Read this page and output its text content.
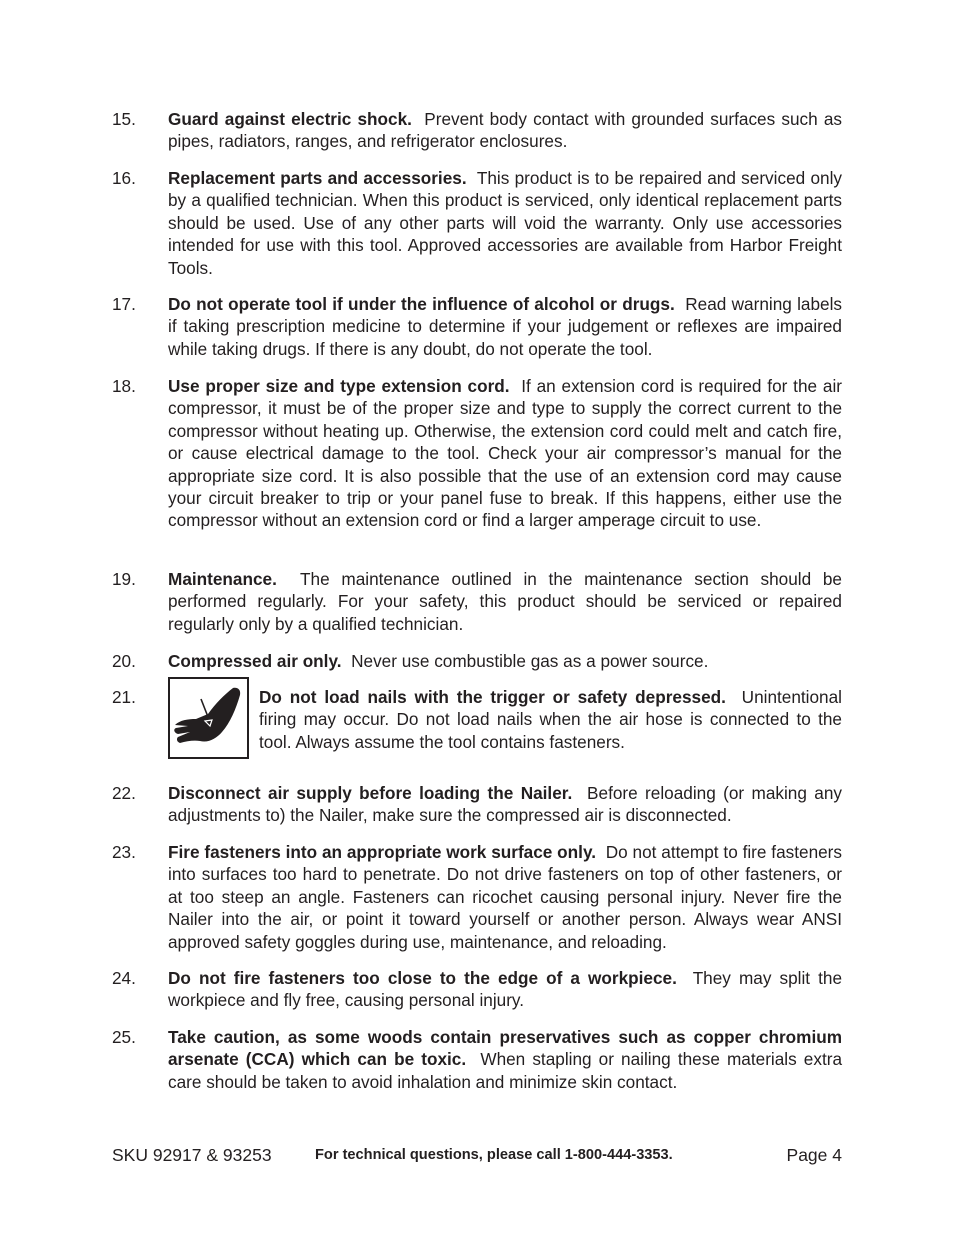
15.	Guard against electric shock. Prevent body contact with grounded surfaces such as pipes, radiators, ranges, and refrigerator enclosures.
16.	Replacement parts and accessories. This product is to be repaired and serviced only by a qualified technician. When this product is serviced, only identical replacement parts should be used. Use of any other parts will void the warranty. Only use accessories intended for use with this tool. Approved accessories are available from Harbor Freight Tools.
17.	Do not operate tool if under the influence of alcohol or drugs. Read warning labels if taking prescription medicine to determine if your judgement or reflexes are impaired while taking drugs. If there is any doubt, do not operate the tool.
18.	Use proper size and type extension cord. If an extension cord is required for the air compressor, it must be of the proper size and type to supply the correct current to the compressor without heating up. Otherwise, the extension cord could melt and catch fire, or cause electrical damage to the tool. Check your air compressor’s manual for the appropriate size cord. It is also possible that the use of an extension cord may cause your circuit breaker to trip or your panel fuse to break. If this happens, either use the compressor without an extension cord or find a larger amperage circuit to use.
19.	Maintenance. The maintenance outlined in the maintenance section should be performed regularly. For your safety, this product should be serviced or repaired regularly only by a qualified technician.
20.	Compressed air only. Never use combustible gas as a power source.
21.	Do not load nails with the trigger or safety depressed. Unintentional firing may occur. Do not load nails when the air hose is connected to the tool. Always assume the tool contains fasteners.
22.	Disconnect air supply before loading the Nailer. Before reloading (or making any adjustments to) the Nailer, make sure the compressed air is disconnected.
23.	Fire fasteners into an appropriate work surface only. Do not attempt to fire fasteners into surfaces too hard to penetrate. Do not drive fasteners on top of other fasteners, or at too steep an angle. Fasteners can ricochet causing personal injury. Never fire the Nailer into the air, or point it toward yourself or another person. Always wear ANSI approved safety goggles during use, maintenance, and reloading.
24.	Do not fire fasteners too close to the edge of a workpiece. They may split the workpiece and fly free, causing personal injury.
25.	Take caution, as some woods contain preservatives such as copper chromium arsenate (CCA) which can be toxic. When stapling or nailing these materials extra care should be taken to avoid inhalation and minimize skin contact.
SKU 92917 & 93253	For technical questions, please call 1-800-444-3353.	Page 4
